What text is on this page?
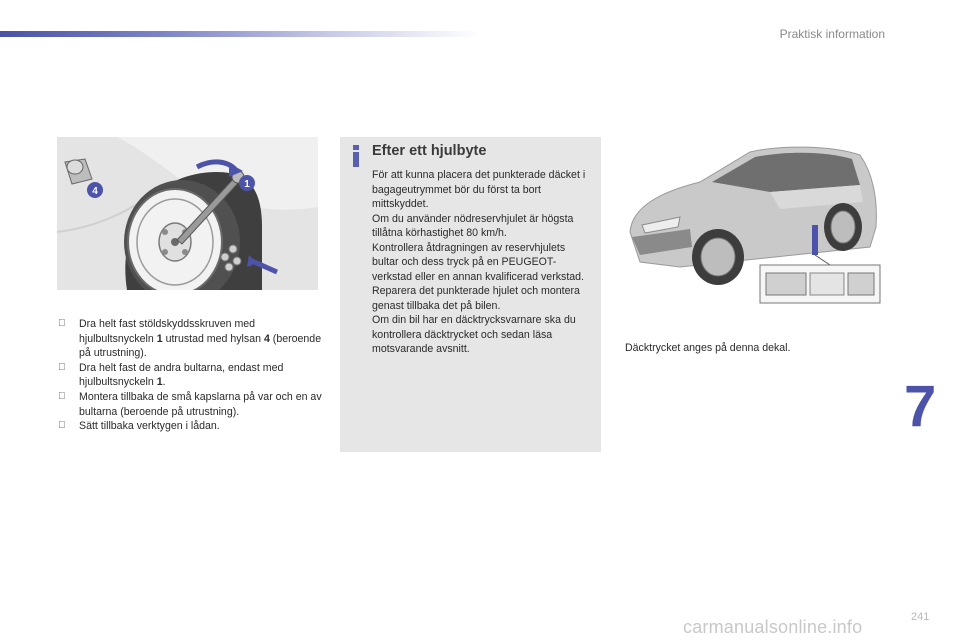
Praktisk information
4
1
Dra helt fast stöldskyddsskruven med hjulbultsnyckeln 1 utrustad med hylsan 4 (beroende på utrustning).
Dra helt fast de andra bultarna, endast med hjulbultsnyckeln 1.
Montera tillbaka de små kapslarna på var och en av bultarna (beroende på utrustning).
Sätt tillbaka verktygen i lådan.
Efter ett hjulbyte

För att kunna placera det punkterade däcket i bagageutrymmet bör du först ta bort mittskyddet.

Om du använder nödreservhjulet är högsta tillåtna körhastighet 80 km/h.

Kontrollera åtdragningen av reservhjulets bultar och dess tryck på en PEUGEOT-verkstad eller en annan kvalificerad verkstad.

Reparera det punkterade hjulet och montera genast tillbaka det på bilen.

Om din bil har en däcktrycksvarnare ska du kontrollera däcktrycket och sedan läsa motsvarande avsnitt.	Däcktrycket anges på denna dekal.
7
241
carmanualsonline.info
